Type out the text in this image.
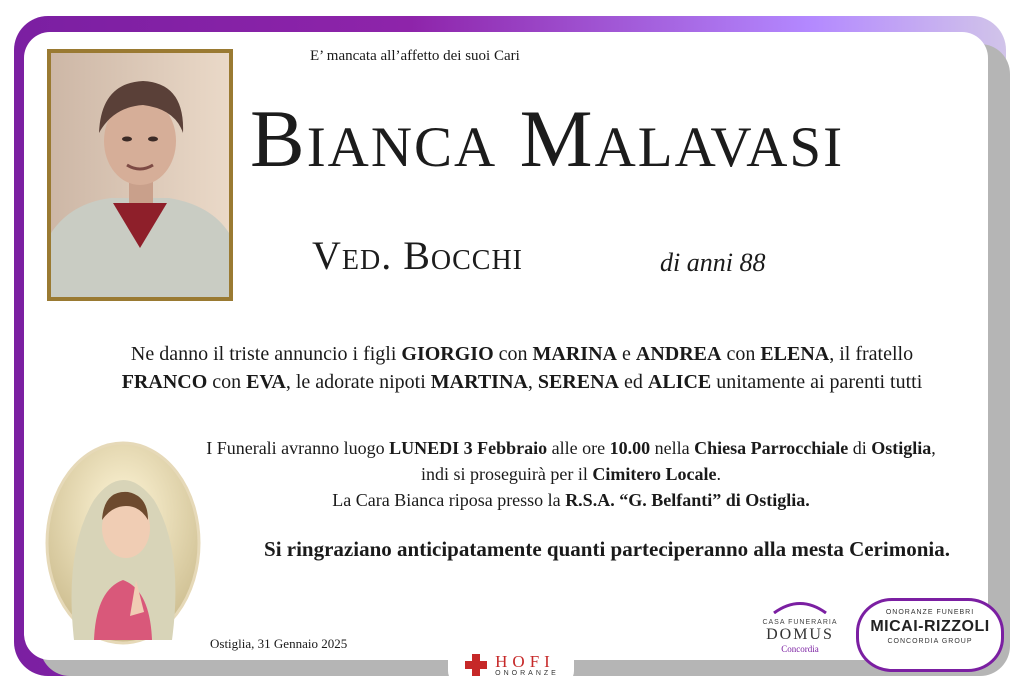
E’ mancata all’affetto dei suoi Cari
Bianca Malavasi
Ved. Bocchi	di anni 88
Ne danno il triste annuncio i figli GIORGIO con MARINA e ANDREA con ELENA, il fratello
FRANCO con EVA, le adorate nipoti MARTINA, SERENA ed ALICE unitamente ai parenti tutti
I Funerali avranno luogo LUNEDI 3 Febbraio alle ore 10.00 nella Chiesa Parrocchiale di Ostiglia,
indi si proseguirà per il Cimitero Locale.
La Cara Bianca riposa presso la R.S.A. “G. Belfanti” di Ostiglia.
Si ringraziano anticipatamente quanti parteciperanno alla mesta Cerimonia.
Ostiglia, 31 Gennaio 2025
HOFI
ONORANZE
CASA FUNERARIA
DOMUS
Concordia
ONORANZE FUNEBRI
MICAI-RIZZOLI
CONCORDIA GROUP
